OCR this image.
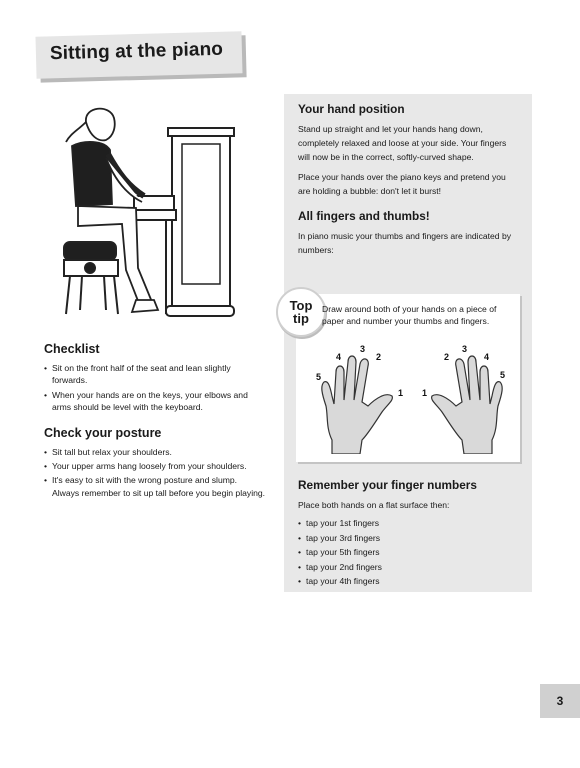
Sitting at the piano
Checklist
• Sit on the front half of the seat and lean slightly forwards.
• When your hands are on the keys, your elbows and arms should be level with the keyboard.
Check your posture
• Sit tall but relax your shoulders.
• Your upper arms hang loosely from your shoulders.
• It's easy to sit with the wrong posture and slump. Always remember to sit up tall before you begin playing.
Your hand position

Stand up straight and let your hands hang down, completely relaxed and loose at your side. Your fingers will now be in the correct, softly-curved shape.

Place your hands over the piano keys and pretend you are holding a bubble: don't let it burst!

All fingers and thumbs!

In piano music your thumbs and fingers are indicated by numbers:

Top
tip
Draw around both of your hands on a piece of paper and number your thumbs and fingers.
4
3
2
5
1
2
3
4
5
1
Remember your finger numbers

Place both hands on a flat surface then:

• tap your 1st fingers
• tap your 3rd fingers
• tap your 5th fingers
• tap your 2nd fingers
• tap your 4th fingers
3
